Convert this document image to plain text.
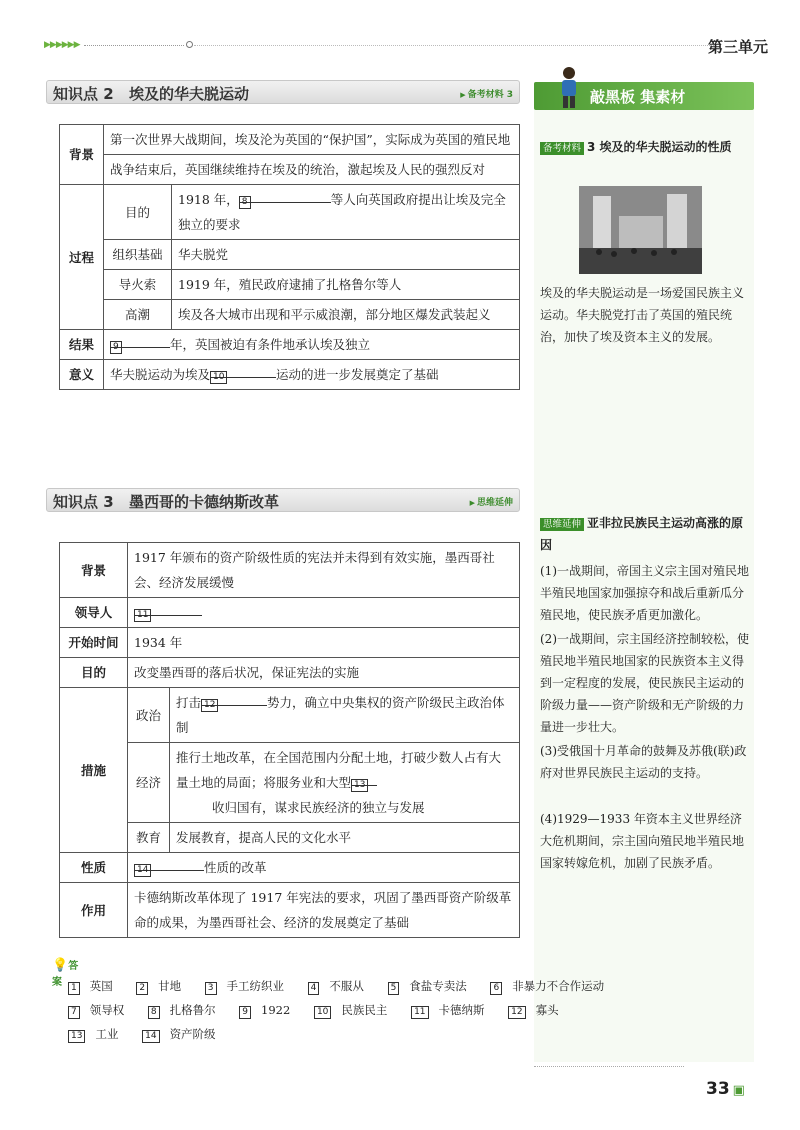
▶▶▶▶▶▶	第三单元
知识点 2 埃及的华夫脱运动	▶ 备考材料 3
背景	第一次世界大战期间，埃及沦为英国的“保护国”，实际成为英国的殖民地	
	战争结束后，英国继续维持在埃及的统治，激起埃及人民的强烈反对	
过程	目的	1918 年， 8 等人向英国政府提出让埃及完全独立的要求
	组织基础	华夫脱党
	导火索	1919 年，殖民政府逮捕了扎格鲁尔等人
	高潮	埃及各大城市出现和平示威浪潮，部分地区爆发武装起义
结果	9 年，英国被迫有条件地承认埃及独立	
意义	华夫脱运动为埃及 10 运动的进一步发展奠定了基础	
知识点 3 墨西哥的卡德纳斯改革	▶ 思维延伸
背景	1917 年颁布的资产阶级性质的宪法并未得到有效实施，墨西哥社会、经济发展缓慢	
领导人	11	
开始时间	1934 年	
目的	改变墨西哥的落后状况，保证宪法的实施	
措施	政治	打击 12 势力，确立中央集权的资产阶级民主政治体制
	经济	推行土地改革，在全国范围内分配土地，打破少数人占有大量土地的局面；将服务业和大型 13
收归国有，谋求民族经济的独立与发展
	教育	发展教育，提高人民的文化水平
性质	14 性质的改革	
作用	卡德纳斯改革体现了 1917 年宪法的要求，巩固了墨西哥资产阶级革命的成果，为墨西哥社会、经济的发展奠定了基础	
敲黑板 集素材
备考材料 3 埃及的华夫脱运动的性质
埃及的华夫脱运动是一场爱国民族主义运动。华夫脱党打击了英国的殖民统治，加快了埃及资本主义的发展。
思维延伸 亚非拉民族民主运动高涨的原因
(1)一战期间，帝国主义宗主国对殖民地半殖民地国家加强掠夺和战后重新瓜分殖民地，使民族矛盾更加激化。
(2)一战期间，宗主国经济控制较松，使殖民地半殖民地国家的民族资本主义得到一定程度的发展，使民族民主运动的阶级力量——资产阶级和无产阶级的力量进一步壮大。
(3)受俄国十月革命的鼓舞及苏俄(联)政府对世界民族民主运动的支持。
(4)1929—1933 年资本主义世界经济大危机期间，宗主国向殖民地半殖民地国家转嫁危机，加剧了民族矛盾。
💡答案	1 英国	2 甘地	3 手工纺织业	4 不服从	5 食盐专卖法	6 非暴力不合作运动
7 领导权	8 扎格鲁尔	9 1922	10 民族民主	11 卡德纳斯	12 寡头
13 工业	14 资产阶级
33 ▣
